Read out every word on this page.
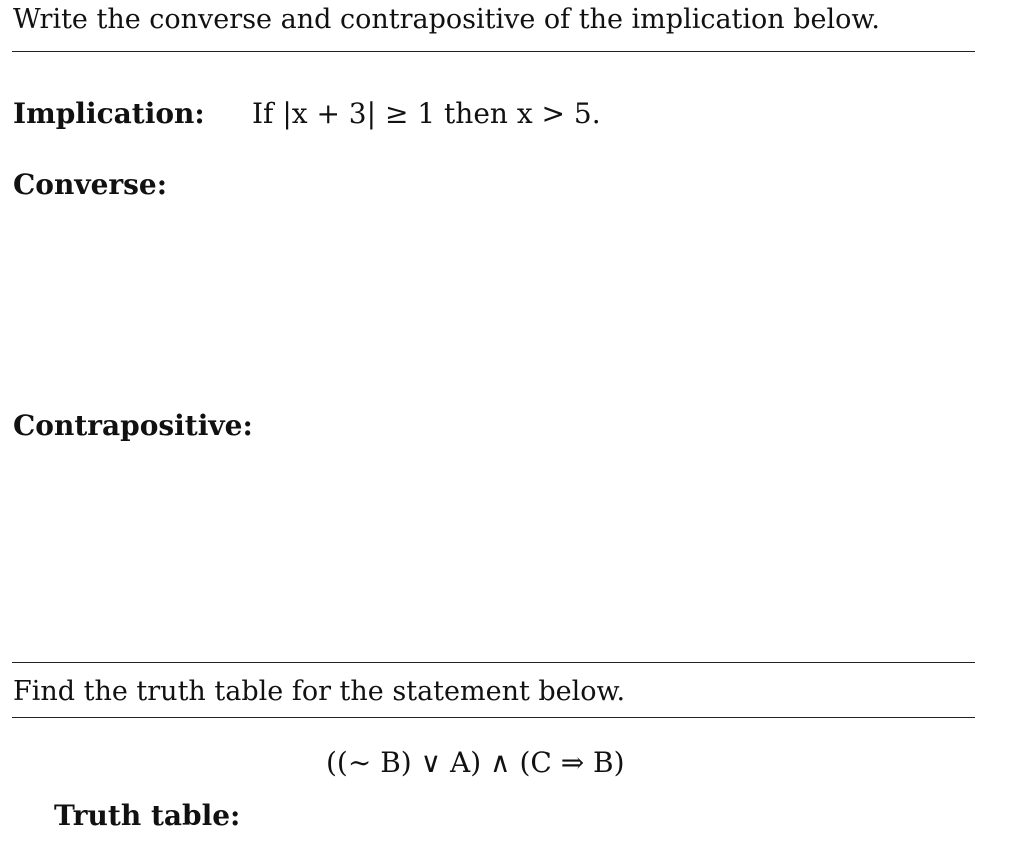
Write the converse and contrapositive of the implication below.
Implication: If |x + 3| ≥ 1 then x > 5.
Converse:
Contrapositive:
Find the truth table for the statement below.
((∼ B) ∨ A) ∧ (C ⇒ B)
Truth table:
